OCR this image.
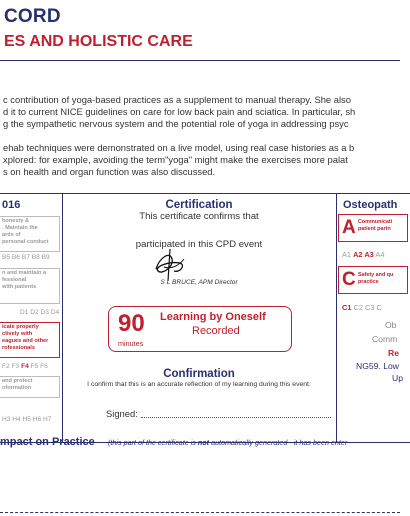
CORD
ES AND HOLISTIC CARE
c contribution of yoga-based practices as a supplement to manual therapy. She also
d it to current NICE guidelines on care for low back pain and sciatica. In particular, sh
g the sympathetic nervous system and the potential role of yoga in addressing psyc
ehab techniques were demonstrated on a live model, using real case histories as a b
xplored: for example, avoiding the term"yoga" might make the exercises more palat
s on health and organ function was also discussed.
016
honesty &
. Maintain the
ards of
personal conduct
B5 B6 B7 B8 B9
n and maintain a
fessional
with patients
D1 D2 D3 D4
icate properly
ctively with
eagues and other
rofessionals
F2 F3 F4 F5 F6
and protect
nformation
H3 H4 H5 H6 H7
Certification
This certificate confirms that
participated in this CPD event
S L BRUCE, APM Director
90
minutes
Learning by Oneself
Recorded
Confirmation
I confirm that this is an accurate reflection of my learning during this event.
Signed:
Osteopath
A Communicati
patient partn
A1 A2 A3 A4
C Safety and qu
practice
C1 C2 C3 C
Ob
Comm
Re
NG59. Low
Up
mpact on Practice (this part of the certificate is not automatically generated - it has been enter
